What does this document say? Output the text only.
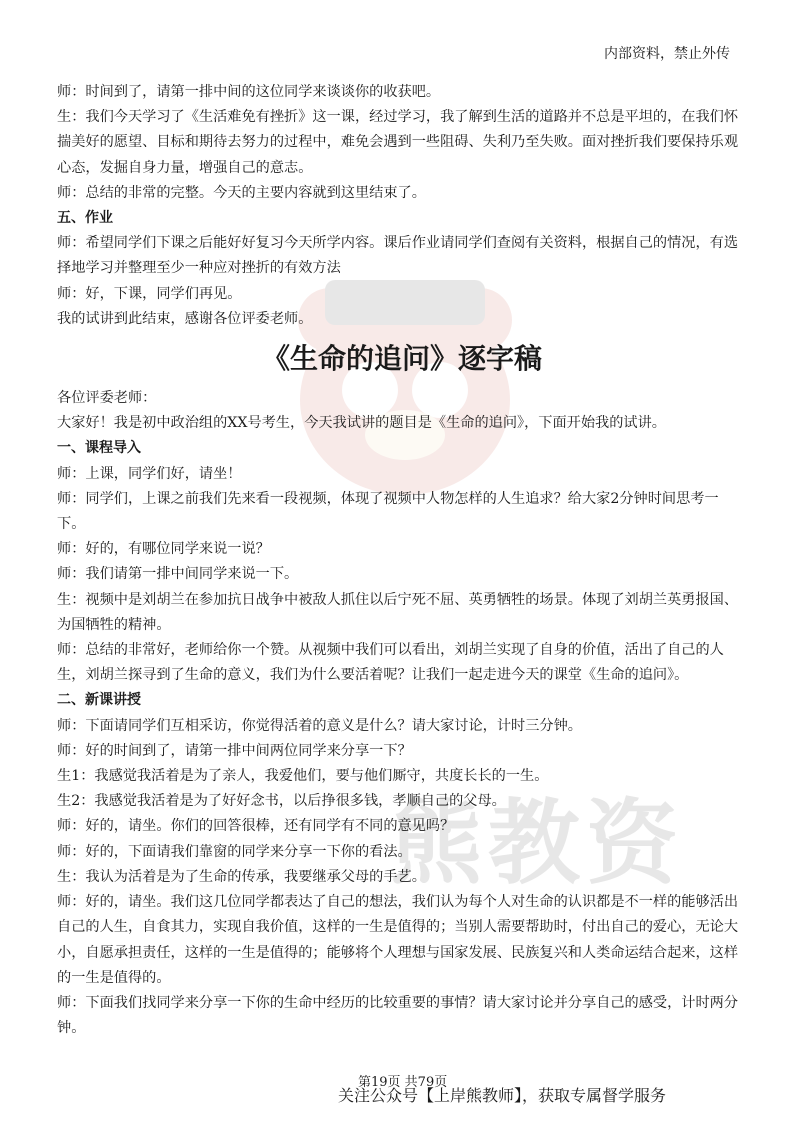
熊教资
内部资料，禁止外传

师：时间到了，请第一排中间的这位同学来谈谈你的收获吧。

生：我们今天学习了《生活难免有挫折》这一课，经过学习，我了解到生活的道路并不总是平坦的，在我们怀揣美好的愿望、目标和期待去努力的过程中，难免会遇到一些阻碍、失利乃至失败。面对挫折我们要保持乐观心态，发掘自身力量，增强自己的意志。

师：总结的非常的完整。今天的主要内容就到这里结束了。

五、作业

师：希望同学们下课之后能好好复习今天所学内容。课后作业请同学们查阅有关资料，根据自己的情况，有选择地学习并整理至少一种应对挫折的有效方法

师：好，下课，同学们再见。

我的试讲到此结束，感谢各位评委老师。

《生命的追问》逐字稿

各位评委老师：

大家好！我是初中政治组的XX号考生，今天我试讲的题目是《生命的追问》，下面开始我的试讲。

一、课程导入

师：上课，同学们好，请坐！

师：同学们，上课之前我们先来看一段视频，体现了视频中人物怎样的人生追求？给大家2分钟时间思考一下。

师：好的，有哪位同学来说一说？

师：我们请第一排中间同学来说一下。

生：视频中是刘胡兰在参加抗日战争中被敌人抓住以后宁死不屈、英勇牺牲的场景。体现了刘胡兰英勇报国、为国牺牲的精神。

师：总结的非常好，老师给你一个赞。从视频中我们可以看出，刘胡兰实现了自身的价值，活出了自己的人生，刘胡兰探寻到了生命的意义，我们为什么要活着呢？让我们一起走进今天的课堂《生命的追问》。

二、新课讲授

师：下面请同学们互相采访，你觉得活着的意义是什么？请大家讨论，计时三分钟。

师：好的时间到了，请第一排中间两位同学来分享一下？

生1：我感觉我活着是为了亲人，我爱他们，要与他们厮守，共度长长的一生。

生2：我感觉我活着是为了好好念书，以后挣很多钱，孝顺自己的父母。

师：好的，请坐。你们的回答很棒，还有同学有不同的意见吗？

师：好的，下面请我们靠窗的同学来分享一下你的看法。

生：我认为活着是为了生命的传承，我要继承父母的手艺。

师：好的，请坐。我们这几位同学都表达了自己的想法，我们认为每个人对生命的认识都是不一样的能够活出自己的人生，自食其力，实现自我价值，这样的一生是值得的；当别人需要帮助时，付出自己的爱心，无论大小，自愿承担责任，这样的一生是值得的；能够将个人理想与国家发展、民族复兴和人类命运结合起来，这样的一生是值得的。

师：下面我们找同学来分享一下你的生命中经历的比较重要的事情？请大家讨论并分享自己的感受，计时两分钟。

第19页 共79页
关注公众号【上岸熊教师】，获取专属督学服务
